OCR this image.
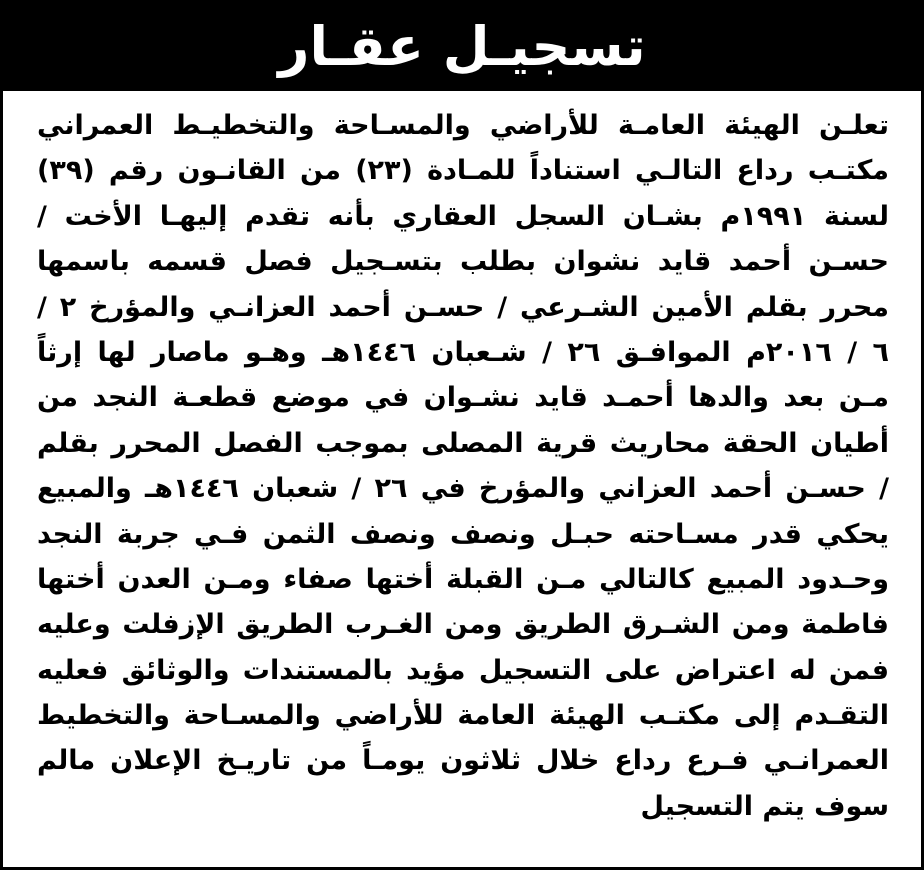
تسجيـل عقـار
تعلـن الهيئة العامـة للأراضي والمسـاحة والتخطيـط العمراني
مكتـب رداع التالـي استناداً للمـادة (٢٣) من القانـون رقم (٣٩)
لسنة ١٩٩١م بشـان السجل العقاري بأنه تقدم إليهـا الأخت /
حسـن أحمد قايد نشوان بطلب بتسـجيل فصل قسمه باسمها
محرر بقلم الأمين الشـرعي / حسـن أحمد العزانـي والمؤرخ ٢ /
٦ / ٢٠١٦م الموافـق ٢٦ / شـعبان ١٤٤٦هـ وهـو ماصار لها إرثاً
مـن بعد والدها أحمـد قايد نشـوان في موضع قطعـة النجد من
أطيان الحقة محاريث قرية المصلى بموجب الفصل المحرر بقلم
/ حسـن أحمد العزاني والمؤرخ في ٢٦ / شعبان ١٤٤٦هـ والمبيع
يحكي قدر مسـاحته حبـل ونصف ونصف الثمن فـي جربة النجد
وحـدود المبيع كالتالي مـن القبلة أختها صفاء ومـن العدن أختها
فاطمة ومن الشـرق الطريق ومن الغـرب الطريق الإزفلت وعليه
فمن له اعتراض على التسجيل مؤيد بالمستندات والوثائق فعليه
التقـدم إلى مكتـب الهيئة العامة للأراضي والمسـاحة والتخطيط
العمرانـي فـرع رداع خلال ثلاثون يومـاً من تاريـخ الإعلان مالم
سوف يتم التسجيل
